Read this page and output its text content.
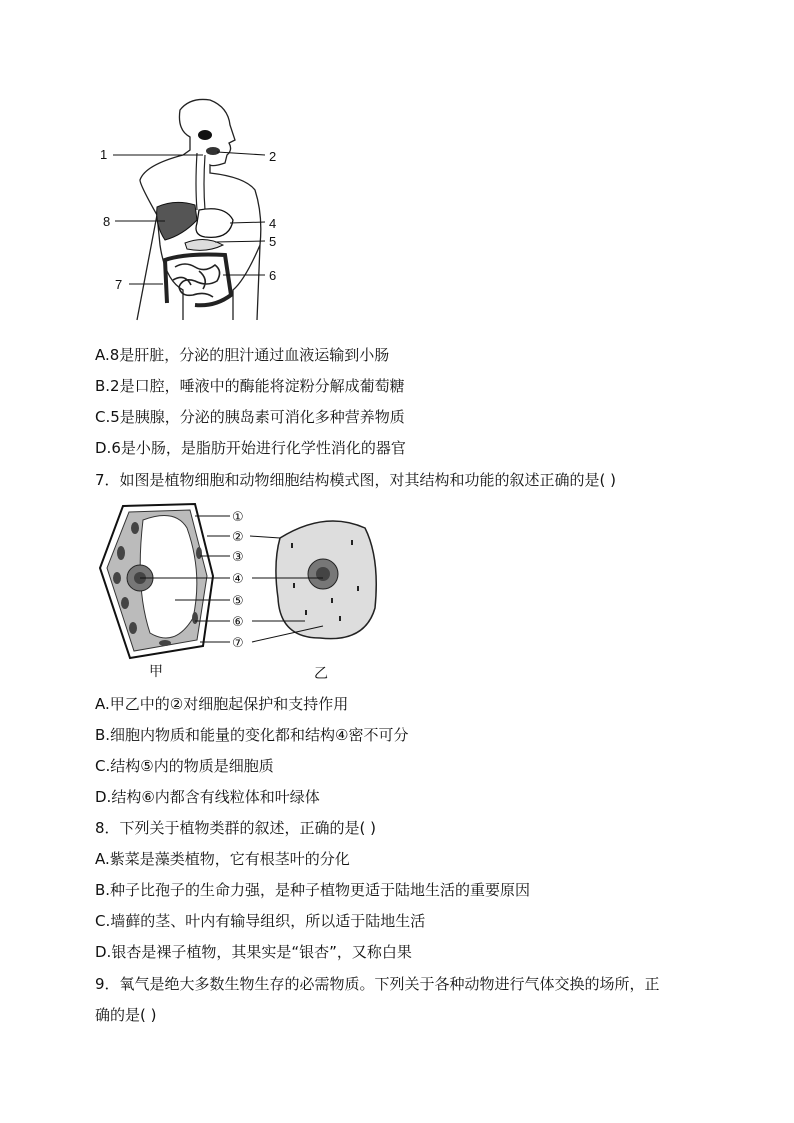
1	2
4
5
6
7
8
A.8是肝脏，分泌的胆汁通过血液运输到小肠
B.2是口腔，唾液中的酶能将淀粉分解成葡萄糖
C.5是胰腺，分泌的胰岛素可消化多种营养物质
D.6是小肠，是脂肪开始进行化学性消化的器官
7．如图是植物细胞和动物细胞结构模式图，对其结构和功能的叙述正确的是( )
①
②
③
④
⑤
⑥
⑦
甲	乙
A.甲乙中的②对细胞起保护和支持作用
B.细胞内物质和能量的变化都和结构④密不可分
C.结构⑤内的物质是细胞质
D.结构⑥内都含有线粒体和叶绿体
8．下列关于植物类群的叙述，正确的是( )
A.紫菜是藻类植物，它有根茎叶的分化
B.种子比孢子的生命力强，是种子植物更适于陆地生活的重要原因
C.墙藓的茎、叶内有输导组织，所以适于陆地生活
D.银杏是裸子植物，其果实是“银杏”，又称白果
9．氧气是绝大多数生物生存的必需物质。下列关于各种动物进行气体交换的场所，正
确的是( )
